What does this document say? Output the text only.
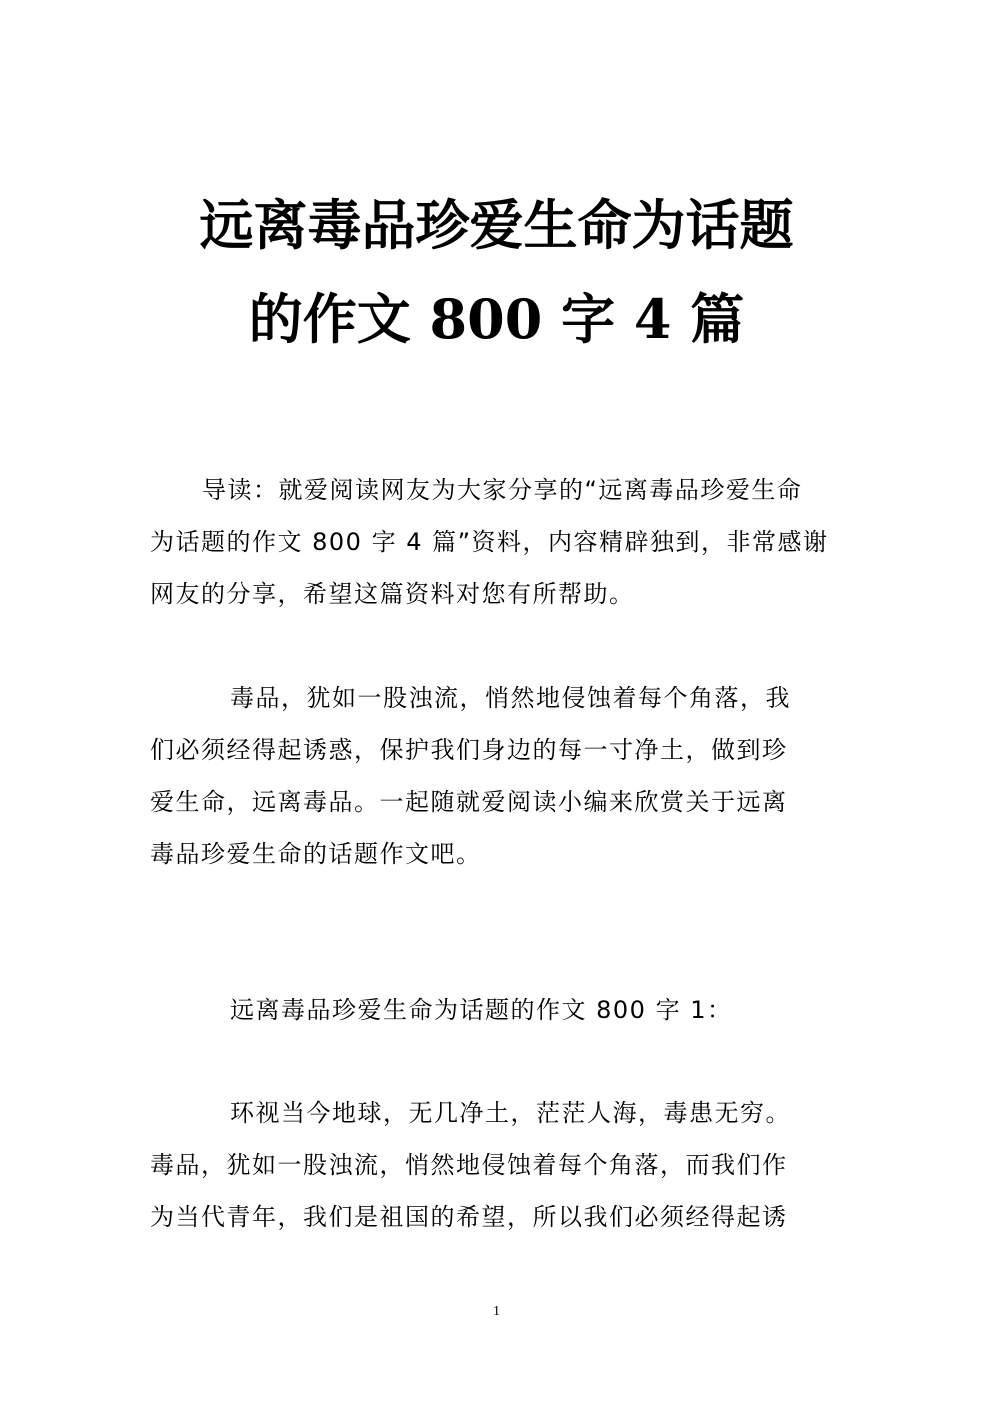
远离毒品珍爱生命为话题
的作文 800 字 4 篇

导读：就爱阅读网友为大家分享的“远离毒品珍爱生命
为话题的作文 800 字 4 篇”资料，内容精辟独到，非常感谢
网友的分享，希望这篇资料对您有所帮助。

毒品，犹如一股浊流，悄然地侵蚀着每个角落，我
们必须经得起诱惑，保护我们身边的每一寸净土，做到珍
爱生命，远离毒品。一起随就爱阅读小编来欣赏关于远离
毒品珍爱生命的话题作文吧。

远离毒品珍爱生命为话题的作文 800 字 1：

环视当今地球，无几净土，茫茫人海，毒患无穷。
毒品，犹如一股浊流，悄然地侵蚀着每个角落，而我们作
为当代青年，我们是祖国的希望，所以我们必须经得起诱

1
